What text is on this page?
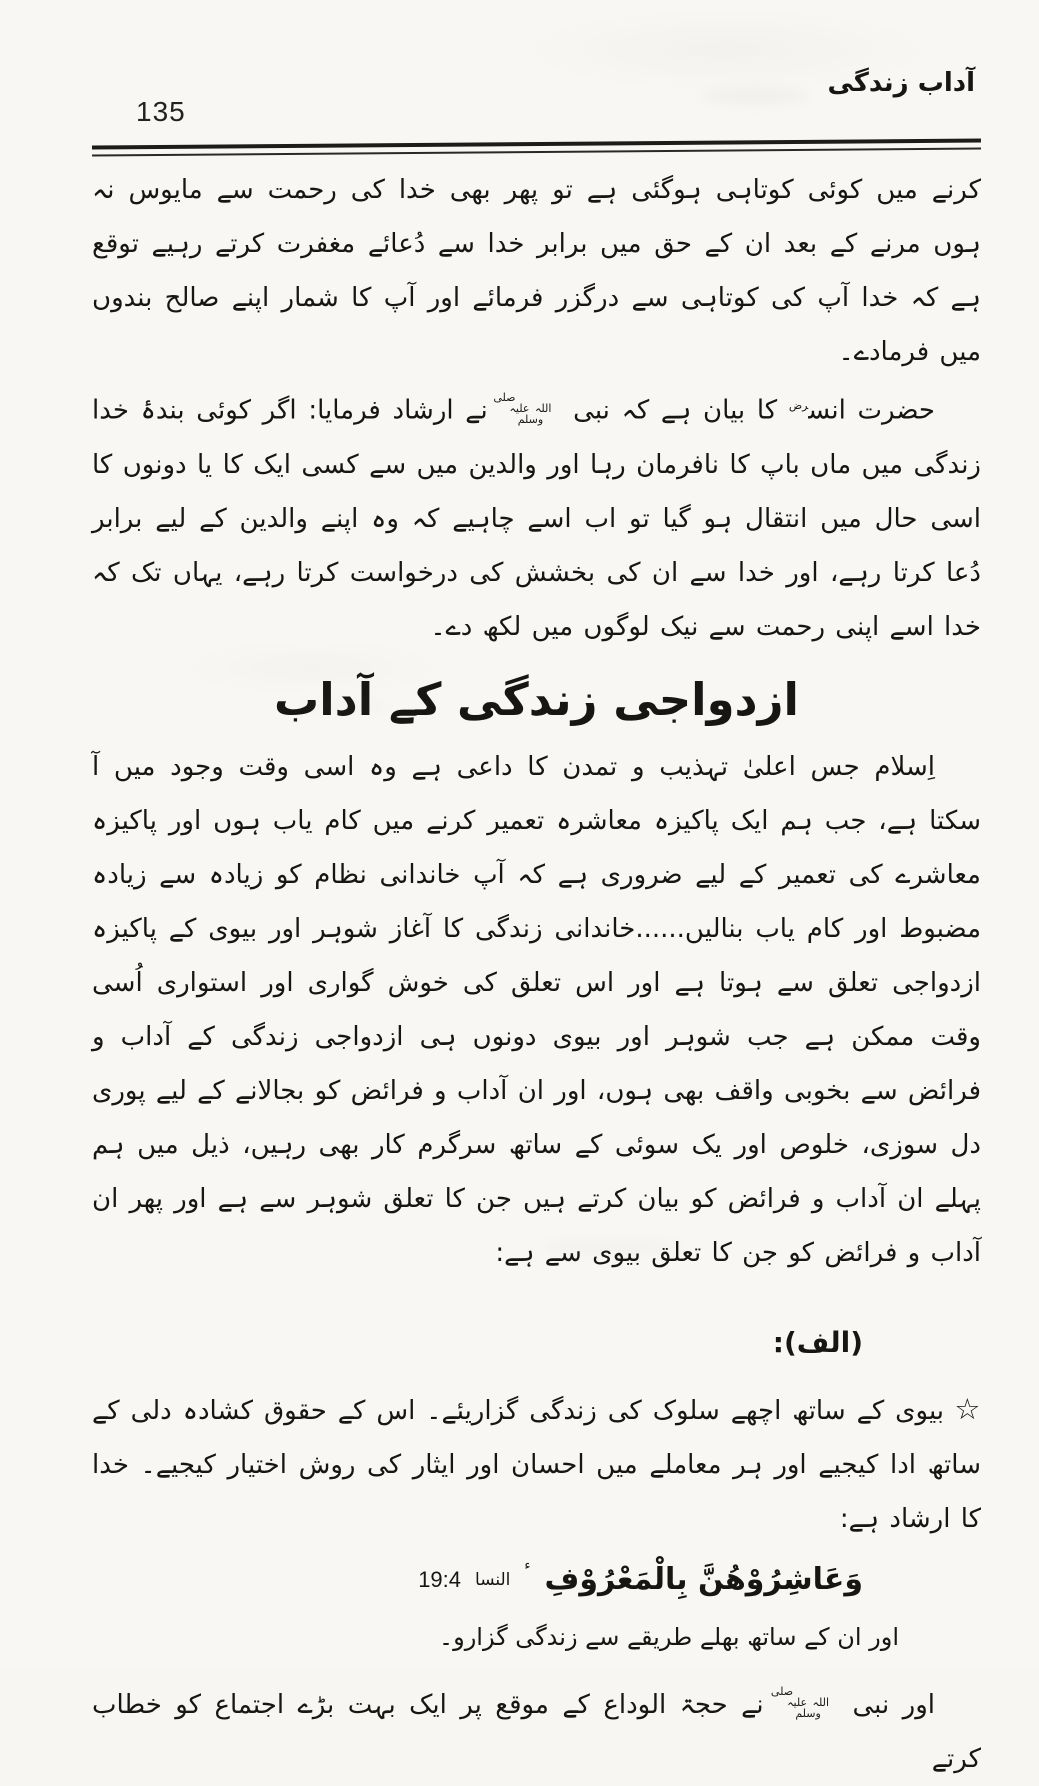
135
آداب زندگی

کرنے میں کوئی کوتاہی ہوگئی ہے تو پھر بھی خدا کی رحمت سے مایوس نہ ہوں مرنے کے بعد ان کے حق میں برابر خدا سے دُعائے مغفرت کرتے رہیے توقع ہے کہ خدا آپ کی کوتاہی سے درگزر فرمائے اور آپ کا شمار اپنے صالح بندوں میں فرمادے۔

حضرت انس$^{رض}$ کا بیان ہے کہ نبی صلی اللہ علیہ وسلم نے ارشاد فرمایا: اگر کوئی بندۂ خدا زندگی میں ماں باپ کا نافرمان رہا اور والدین میں سے کسی ایک کا یا دونوں کا اسی حال میں انتقال ہو گیا تو اب اسے چاہیے کہ وہ اپنے والدین کے لیے برابر دُعا کرتا رہے، اور خدا سے ان کی بخشش کی درخواست کرتا رہے، یہاں تک کہ خدا اسے اپنی رحمت سے نیک لوگوں میں لکھ دے۔

ازدواجی زندگی کے آداب

اِسلام جس اعلیٰ تہذیب و تمدن کا داعی ہے وہ اسی وقت وجود میں آ سکتا ہے، جب ہم ایک پاکیزہ معاشرہ تعمیر کرنے میں کام یاب ہوں اور پاکیزہ معاشرے کی تعمیر کے لیے ضروری ہے کہ آپ خاندانی نظام کو زیادہ سے زیادہ مضبوط اور کام یاب بنالیں......خاندانی زندگی کا آغاز شوہر اور بیوی کے پاکیزہ ازدواجی تعلق سے ہوتا ہے اور اس تعلق کی خوش گواری اور استواری اُسی وقت ممکن ہے جب شوہر اور بیوی دونوں ہی ازدواجی زندگی کے آداب و فرائض سے بخوبی واقف بھی ہوں، اور ان آداب و فرائض کو بجالانے کے لیے پوری دل سوزی، خلوص اور یک سوئی کے ساتھ سرگرم کار بھی رہیں، ذیل میں ہم پہلے ان آداب و فرائض کو بیان کرتے ہیں جن کا تعلق شوہر سے ہے اور پھر ان آداب و فرائض کو جن کا تعلق بیوی سے ہے:

(الف):

☆ بیوی کے ساتھ اچھے سلوک کی زندگی گزاریئے۔ اس کے حقوق کشادہ دلی کے ساتھ ادا کیجیے اور ہر معاملے میں احسان اور ایثار کی روش اختیار کیجیے۔ خدا کا ارشاد ہے:

وَعَاشِرُوْهُنَّ بِالْمَعْرُوْفِ
ء
النسا
19:4

اور ان کے ساتھ بھلے طریقے سے زندگی گزارو۔

اور نبی صلی اللہ علیہ وسلم نے حجۃ الوداع کے موقع پر ایک بہت بڑے اجتماع کو خطاب کرتے
